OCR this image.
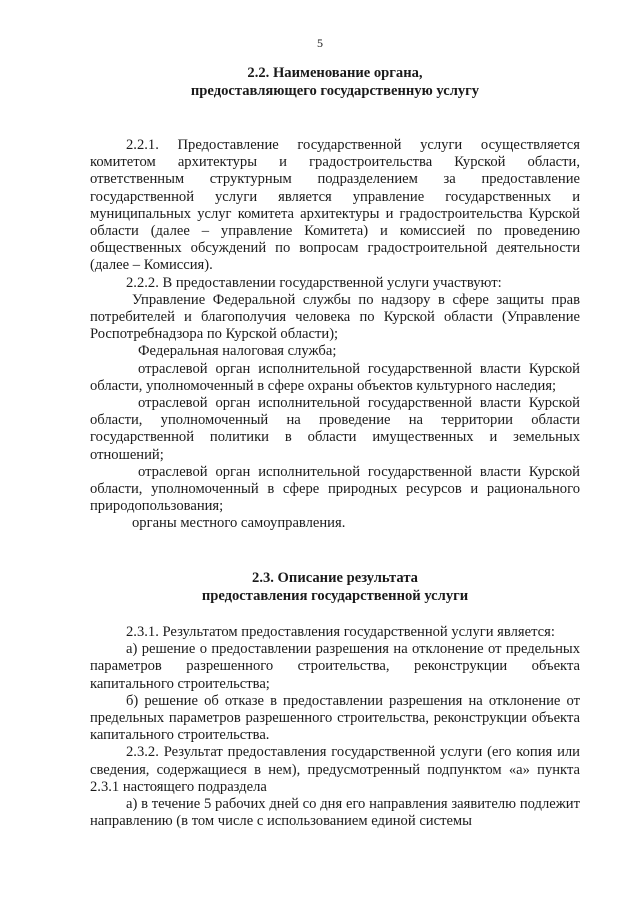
5
2.2. Наименование органа,
предоставляющего государственную услугу

2.2.1. Предоставление государственной услуги осуществляется комитетом архитектуры и градостроительства Курской области, ответственным структурным подразделением за предоставление государственной услуги является управление государственных и муниципальных услуг комитета архитектуры и градостроительства Курской области (далее – управление Комитета) и комиссией по проведению общественных обсуждений по вопросам градостроительной деятельности (далее – Комиссия).

2.2.2. В предоставлении государственной услуги участвуют:

Управление Федеральной службы по надзору в сфере защиты прав потребителей и благополучия человека по Курской области (Управление Роспотребнадзора по Курской области);

Федеральная налоговая служба;

отраслевой орган исполнительной государственной власти Курской области, уполномоченный в сфере охраны объектов культурного наследия;

отраслевой орган исполнительной государственной власти Курской области, уполномоченный на проведение на территории области государственной политики в области имущественных и земельных отношений;

отраслевой орган исполнительной государственной власти Курской области, уполномоченный в сфере природных ресурсов и рационального природопользования;

органы местного самоуправления.

2.3. Описание результата
предоставления государственной услуги

2.3.1. Результатом предоставления государственной услуги является:

а) решение о предоставлении разрешения на отклонение от предельных параметров разрешенного строительства, реконструкции объекта капитального строительства;

б) решение об отказе в предоставлении разрешения на отклонение от предельных параметров разрешенного строительства, реконструкции объекта капитального строительства.

2.3.2. Результат предоставления государственной услуги (его копия или сведения, содержащиеся в нем), предусмотренный подпунктом «а» пункта 2.3.1 настоящего подраздела

а) в течение 5 рабочих дней со дня его направления заявителю подлежит направлению (в том числе с использованием единой системы
